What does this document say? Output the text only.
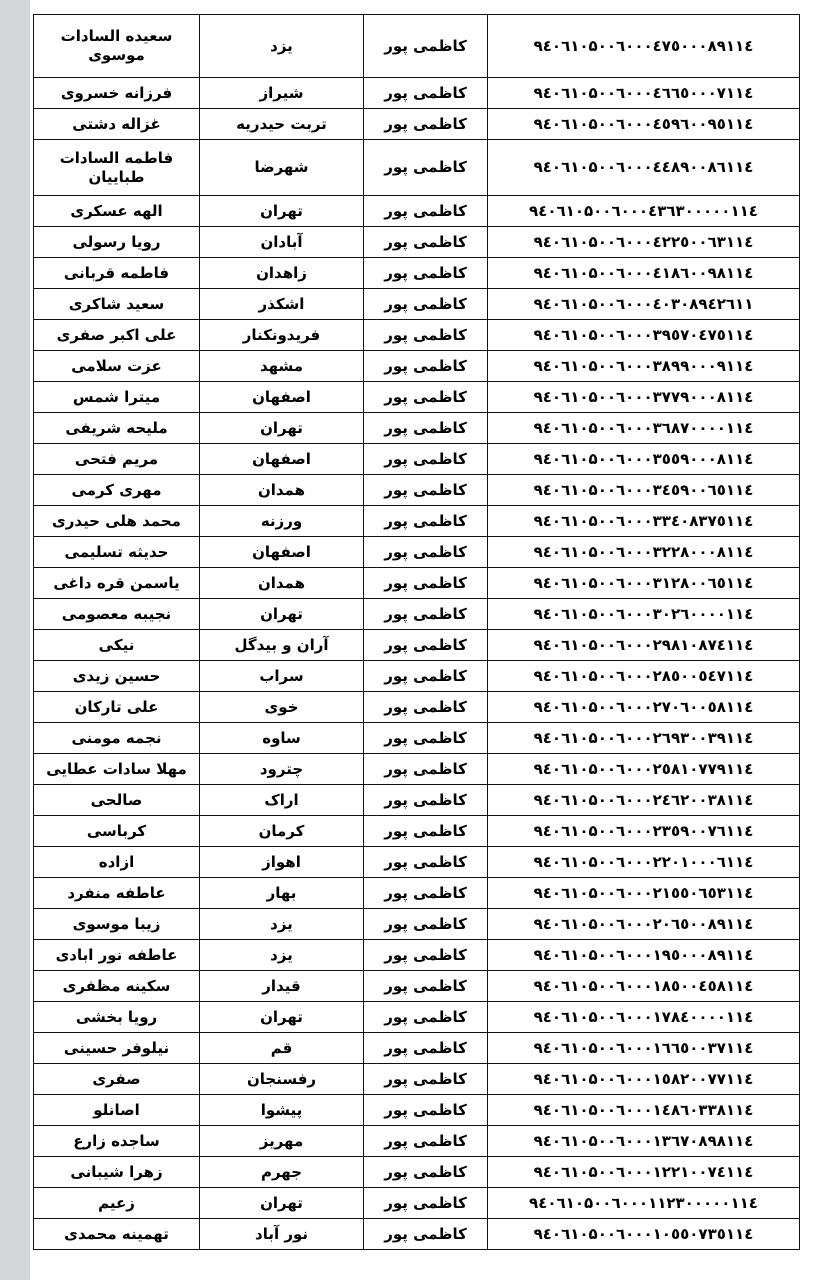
سعیده السادات موسوی	یزد	کاظمی پور	۹٤۰٦۱۰۵۰۰٦۰۰۰٤٧٥۰۰۰۸۹۱۱٤
فرزانه خسروی	شیراز	کاظمی پور	۹٤۰٦۱۰۵۰۰٦۰۰۰٤٦٦٥۰۰۰٧۱۱٤
غزاله دشتی	تربت حیدریه	کاظمی پور	۹٤۰٦۱۰۵۰۰٦۰۰۰٤٥۹٦۰۰۹٥۱۱٤
فاطمه السادات طباییان	شهرضا	کاظمی پور	۹٤۰٦۱۰۵۰۰٦۰۰۰٤٤۸۹۰۰۸٦۱۱٤
الهه عسکری	تهران	کاظمی پور	۹٤۰٦۱۰۵۰۰٦۰۰۰٤٣٦٣۰۰۰۰۰۱۱٤
رویا رسولی	آبادان	کاظمی پور	۹٤۰٦۱۰۵۰۰٦۰۰۰٤٢٢٥۰۰٦٣۱۱٤
فاطمه قربانی	زاهدان	کاظمی پور	۹٤۰٦۱۰۵۰۰٦۰۰۰٤۱۸٦۰۰۹۸۱۱٤
سعید شاکری	اشکذر	کاظمی پور	۹٤۰٦۱۰۵۰۰٦۰۰۰٤۰٣۰۸۹٤٢٦۱۱
علی اکبر صفری	فریدونکنار	کاظمی پور	۹٤۰٦۱۰۵۰۰٦۰۰۰٣۹٥٧۰٤٧٥۱۱٤
عزت سلامی	مشهد	کاظمی پور	۹٤۰٦۱۰۵۰۰٦۰۰۰٣۸۹۹۰۰۰۹۱۱٤
میترا شمس	اصفهان	کاظمی پور	۹٤۰٦۱۰۵۰۰٦۰۰۰٣٧٧۹۰۰۰۸۱۱٤
ملیحه شریفی	تهران	کاظمی پور	۹٤۰٦۱۰۵۰۰٦۰۰۰٣٦۸٧۰۰۰۰۱۱٤
مریم فتحی	اصفهان	کاظمی پور	۹٤۰٦۱۰۵۰۰٦۰۰۰٣٥٥۹۰۰۰۸۱۱٤
مهری کرمی	همدان	کاظمی پور	۹٤۰٦۱۰۵۰۰٦۰۰۰٣٤٥۹۰۰٦٥۱۱٤
محمد هلی حیدری	ورزنه	کاظمی پور	۹٤۰٦۱۰۵۰۰٦۰۰۰٣٣٤۰۸٣٧٥۱۱٤
حدیثه تسلیمی	اصفهان	کاظمی پور	۹٤۰٦۱۰۵۰۰٦۰۰۰٣٢٢۸۰۰۰۸۱۱٤
یاسمن قره داغی	همدان	کاظمی پور	۹٤۰٦۱۰۵۰۰٦۰۰۰٣۱٢۸۰۰٦٥۱۱٤
نجیبه معصومی	تهران	کاظمی پور	۹٤۰٦۱۰۵۰۰٦۰۰۰٣۰٢٦۰۰۰۰۱۱٤
نیکی	آران و بیدگل	کاظمی پور	۹٤۰٦۱۰۵۰۰٦۰۰۰٢۹۸۱۰۸٧٤۱۱٤
حسین زیدی	سراب	کاظمی پور	۹٤۰٦۱۰۵۰۰٦۰۰۰٢۸٥۰۰٥٤٧۱۱٤
علی تارکان	خوی	کاظمی پور	۹٤۰٦۱۰۵۰۰٦۰۰۰٢٧۰٦۰۰٥۸۱۱٤
نجمه مومنی	ساوه	کاظمی پور	۹٤۰٦۱۰۵۰۰٦۰۰۰٢٦۹٣۰۰٣۹۱۱٤
مهلا سادات عطایی	چترود	کاظمی پور	۹٤۰٦۱۰۵۰۰٦۰۰۰٢٥۸۱۰٧٧۹۱۱٤
صالحی	اراک	کاظمی پور	۹٤۰٦۱۰۵۰۰٦۰۰۰٢٤٦٢۰۰٣۸۱۱٤
کرباسی	کرمان	کاظمی پور	۹٤۰٦۱۰۵۰۰٦۰۰۰٢٣٥۹۰۰٧٦۱۱٤
ازاده	اهواز	کاظمی پور	۹٤۰٦۱۰۵۰۰٦۰۰۰٢٢۰۱۰۰۰٦۱۱٤
عاطفه منفرد	بهار	کاظمی پور	۹٤۰٦۱۰۵۰۰٦۰۰۰٢۱٥٥۰٦٥٣۱۱٤
زیبا موسوی	یزد	کاظمی پور	۹٤۰٦۱۰۵۰۰٦۰۰۰٢۰٦٥۰۰۸۹۱۱٤
عاطفه نور ابادی	یزد	کاظمی پور	۹٤۰٦۱۰۵۰۰٦۰۰۰۱۹٥۰۰۰۸۹۱۱٤
سکینه مظفری	قیدار	کاظمی پور	۹٤۰٦۱۰۵۰۰٦۰۰۰۱۸٥۰۰٤٥۸۱۱٤
رویا بخشی	تهران	کاظمی پور	۹٤۰٦۱۰۵۰۰٦۰۰۰۱٧۸٤۰۰۰۰۱۱٤
نیلوفر حسینی	قم	کاظمی پور	۹٤۰٦۱۰۵۰۰٦۰۰۰۱٦٦٥۰۰٣٧۱۱٤
صفری	رفسنجان	کاظمی پور	۹٤۰٦۱۰۵۰۰٦۰۰۰۱٥۸٢۰۰٧٧۱۱٤
اصانلو	پیشوا	کاظمی پور	۹٤۰٦۱۰۵۰۰٦۰۰۰۱٤۸٦۰٣٣۸۱۱٤
ساجده زارع	مهریز	کاظمی پور	۹٤۰٦۱۰۵۰۰٦۰۰۰۱٣٦٧۰۸۹۸۱۱٤
زهرا شیبانی	جهرم	کاظمی پور	۹٤۰٦۱۰۵۰۰٦۰۰۰۱٢٢۱۰۰٧٤۱۱٤
زعیم	تهران	کاظمی پور	۹٤۰٦۱۰۵۰۰٦۰۰۰۱۱٢٣۰۰۰۰۰۱۱٤
تهمینه محمدی	نور آباد	کاظمی پور	۹٤۰٦۱۰۵۰۰٦۰۰۰۱۰٥٥۰٧٣٥۱۱٤
